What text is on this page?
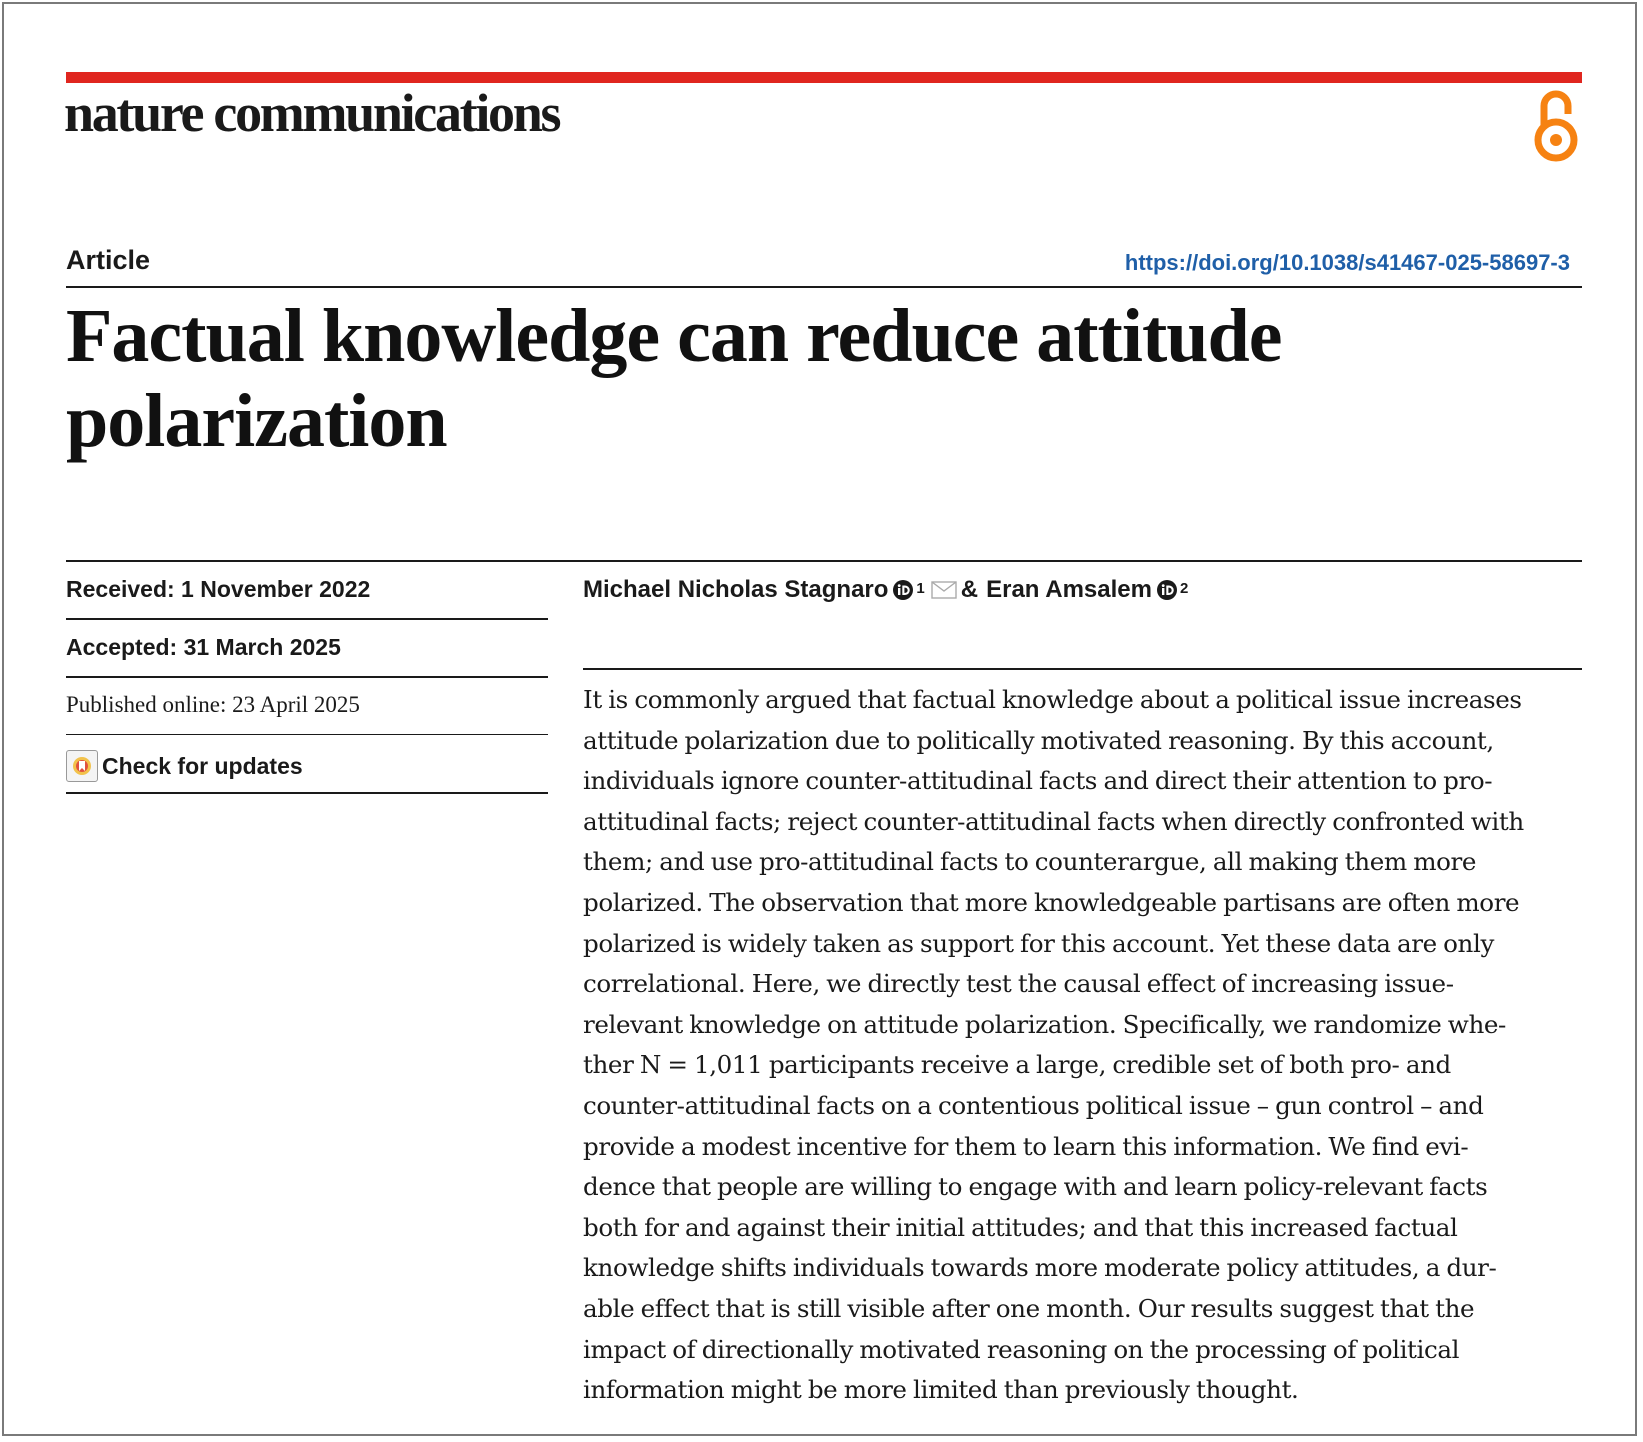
nature communications
Article	https://doi.org/10.1038/s41467-025-58697-3
Factual knowledge can reduce attitude
polarization
Received: 1 November 2022
Accepted: 31 March 2025
Published online: 23 April 2025
Check for updates
Michael Nicholas Stagnaro 1 & Eran Amsalem 2

It is commonly argued that factual knowledge about a political issue increases
attitude polarization due to politically motivated reasoning. By this account,
individuals ignore counter-attitudinal facts and direct their attention to pro-
attitudinal facts; reject counter-attitudinal facts when directly confronted with
them; and use pro-attitudinal facts to counterargue, all making them more
polarized. The observation that more knowledgeable partisans are often more
polarized is widely taken as support for this account. Yet these data are only
correlational. Here, we directly test the causal effect of increasing issue-
relevant knowledge on attitude polarization. Specifically, we randomize whe-
ther N = 1,011 participants receive a large, credible set of both pro- and
counter-attitudinal facts on a contentious political issue – gun control – and
provide a modest incentive for them to learn this information. We find evi-
dence that people are willing to engage with and learn policy-relevant facts
both for and against their initial attitudes; and that this increased factual
knowledge shifts individuals towards more moderate policy attitudes, a dur-
able effect that is still visible after one month. Our results suggest that the
impact of directionally motivated reasoning on the processing of political
information might be more limited than previously thought.
